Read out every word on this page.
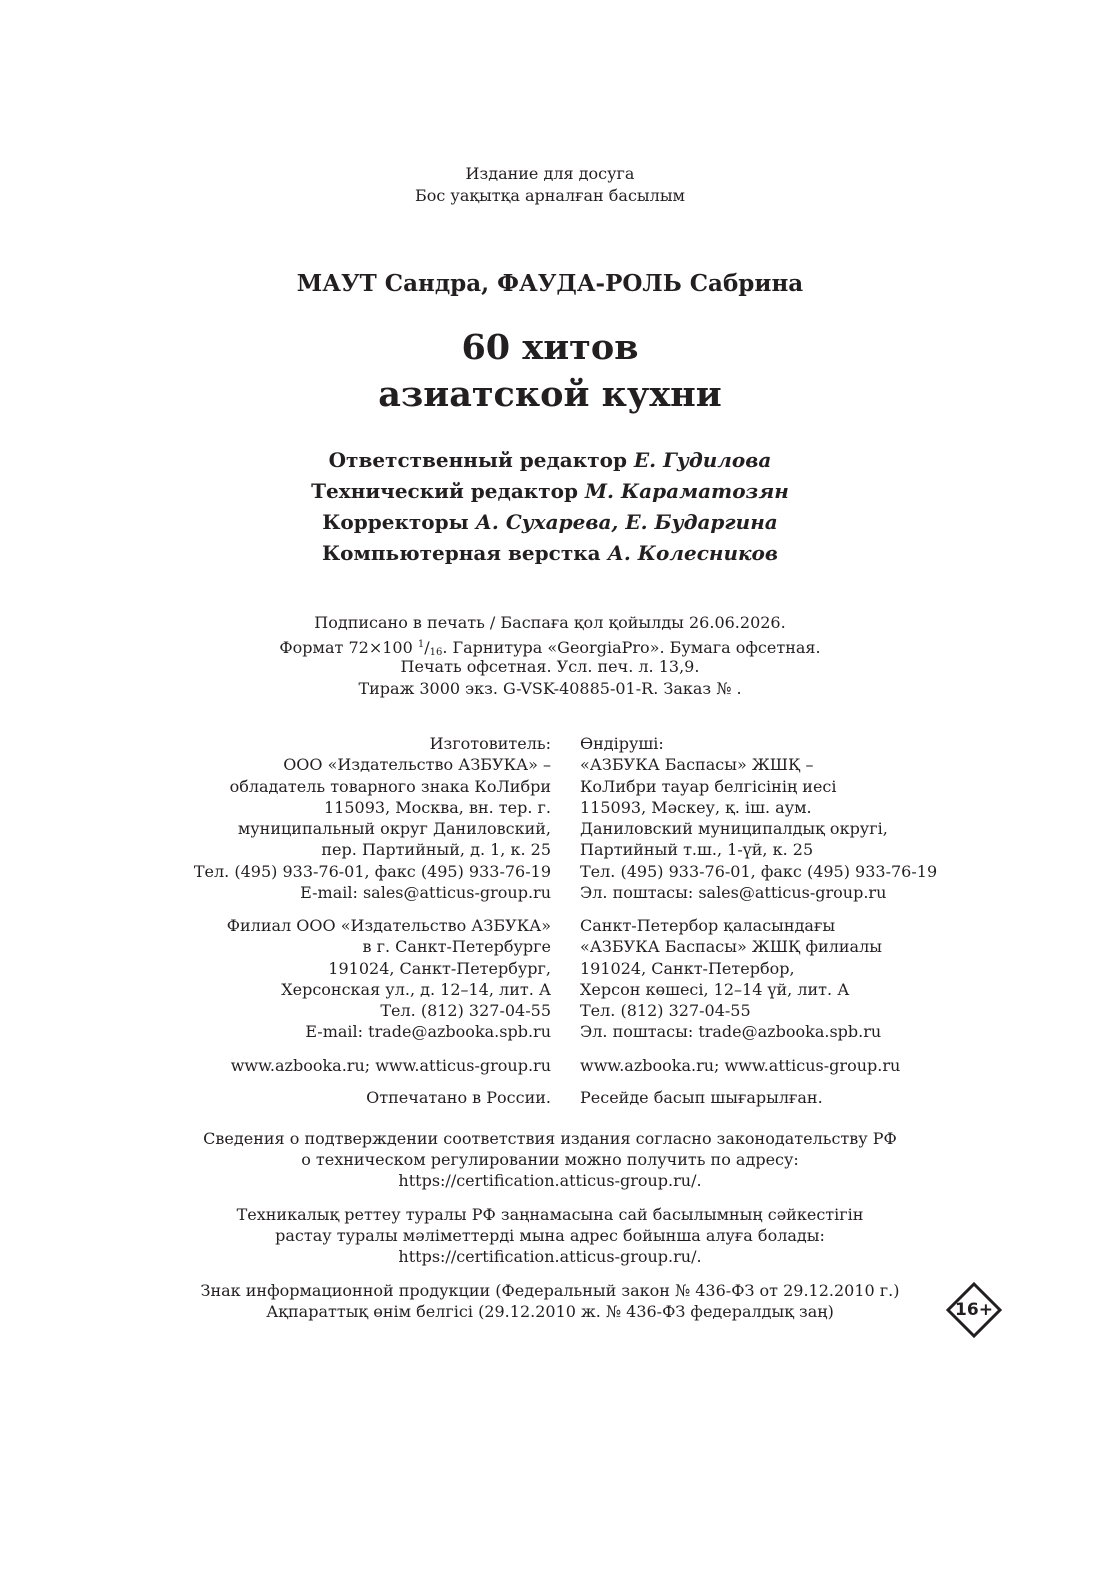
Издание для досуга
Бос уақытқа арналған басылым
МАУТ Сандра, ФАУДА-РОЛЬ Сабрина
60 хитов
азиатской кухни
Ответственный редактор Е. Гудилова
Технический редактор М. Караматозян
Корректоры А. Сухарева, Е. Бударгина
Компьютерная верстка А. Колесников
Подписано в печать / Баспаға қол қойылды 26.06.2026.
Формат 72×100 $^1/_{16}$. Гарнитура «GeorgiaPro». Бумага офсетная.
Печать офсетная. Усл. печ. л. 13,9.
Тираж 3000 экз. G-VSK-40885-01-R. Заказ № .
Изготовитель:
ООО «Издательство АЗБУКА» –
обладатель товарного знака КоЛибри
115093, Москва, вн. тер. г.
муниципальный округ Даниловский,
пер. Партийный, д. 1, к. 25
Тел. (495) 933-76-01, факс (495) 933-76-19
E-mail: sales@atticus-group.ru
Өндіруші:
«АЗБУКА Баспасы» ЖШҚ –
КоЛибри тауар белгісінің иесі
115093, Мәскеу, қ. іш. аум.
Даниловский муниципалдық округі,
Партийный т.ш., 1-үй, к. 25
Тел. (495) 933-76-01, факс (495) 933-76-19
Эл. поштасы: sales@atticus-group.ru
Филиал ООО «Издательство АЗБУКА»
в г. Санкт-Петербурге
191024, Санкт-Петербург,
Херсонская ул., д. 12–14, лит. А
Тел. (812) 327-04-55
E-mail: trade@azbooka.spb.ru
Санкт-Петербор қаласындағы
«АЗБУКА Баспасы» ЖШҚ филиалы
191024, Санкт-Петербор,
Херсон көшесі, 12–14 үй, лит. А
Тел. (812) 327-04-55
Эл. поштасы: trade@azbooka.spb.ru
www.azbooka.ru; www.atticus-group.ru www.azbooka.ru; www.atticus-group.ru
Отпечатано в России. Ресейде басып шығарылған.
Сведения о подтверждении соответствия издания согласно законодательству РФ
о техническом регулировании можно получить по адресу:
https://certification.atticus-group.ru/.
Техникалық реттеу туралы РФ заңнамасына сай басылымның сәйкестігін
растау туралы мәліметтерді мына адрес бойынша алуға болады:
https://certification.atticus-group.ru/.
Знак информационной продукции (Федеральный закон № 436-ФЗ от 29.12.2010 г.)
Ақпараттық өнім белгісі (29.12.2010 ж. № 436-ФЗ федералдық заң)	16+
